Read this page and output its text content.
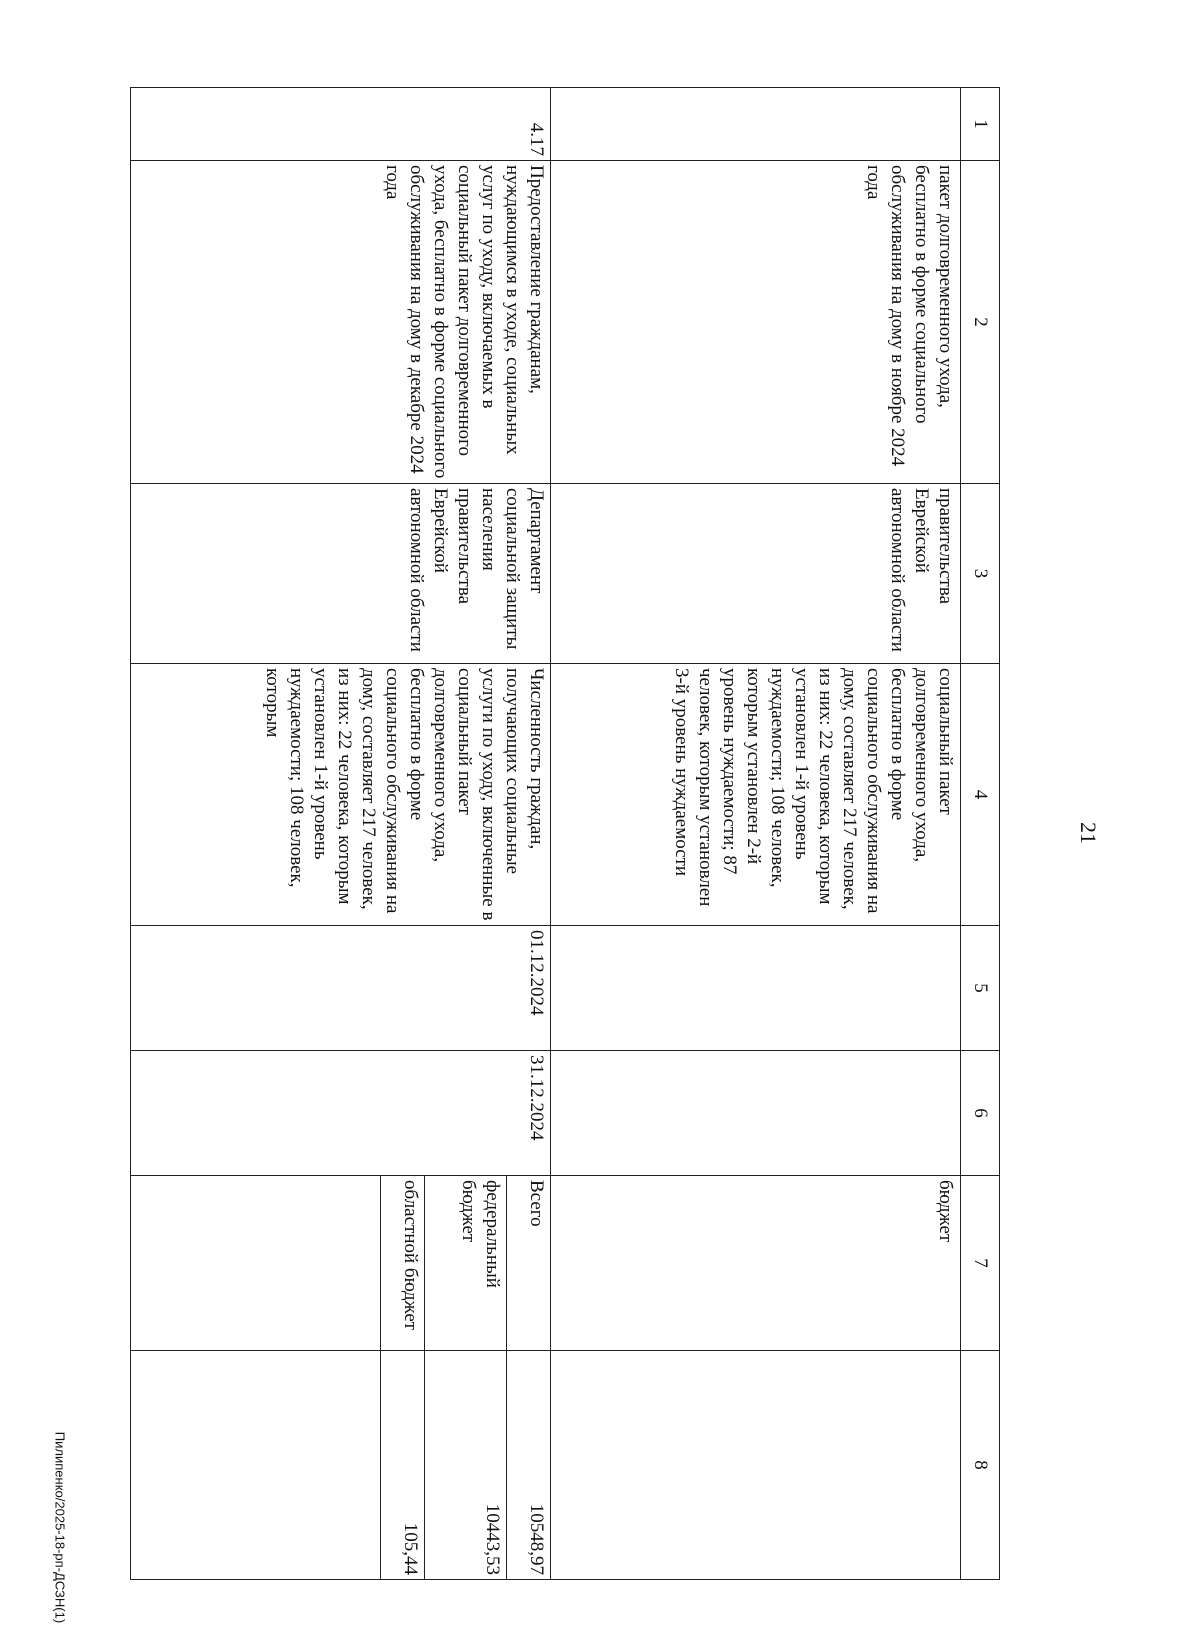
21
1	2	3	4	5	6	7	8
	пакет долговременного ухода, бесплатно в форме социального обслуживания на дому в ноябре 2024 года	правительства Еврейской автономной области	социальный пакет долговременного ухода, бесплатно в форме социального обслуживания на дому, составляет 217 человек, из них: 22 человека, которым установлен 1-й уровень нуждаемости; 108 человек, которым установлен 2-й уровень нуждаемости; 87 человек, которым установлен 3-й уровень нуждаемости			бюджет	
4.17	Предоставление гражданам, нуждающимся в уходе, социальных услуг по уходу, включаемых в социальный пакет долговременного ухода, бесплатно в форме социального обслуживания на дому в декабре 2024 года	Департамент социальной защиты населения правительства Еврейской автономной области	Численность граждан, получающих социальные услуги по уходу, включенные в социальный пакет долговременного ухода, бесплатно в форме социального обслуживания на дому, составляет 217 человек, из них: 22 человека, которым установлен 1-й уровень нуждаемости; 108 человек, которым	01.12.2024	31.12.2024	Всего	10548,97
						федеральный бюджет	10443,53
						областной бюджет	105,44

Пилипенко/2025-18-рп-ДСЗН(1)
